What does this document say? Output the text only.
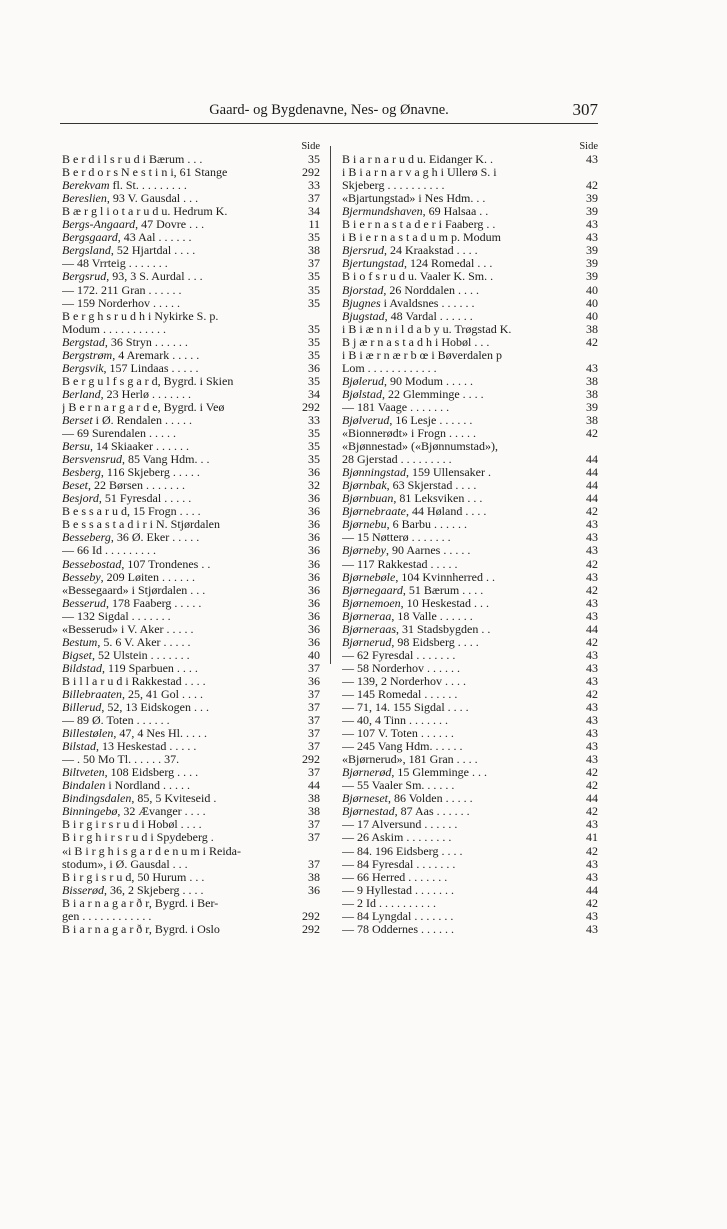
Gaard- og Bygdenavne, Nes- og Ønavne.	307
Side
B e r d i l s r u d i Bærum . . .	35
B e r d o r s N e s t i n i, 61 Stange	292
Berekvam fl. St. . . . . . . . .	33
Bereslien, 93 V. Gausdal . . .	37
B æ r g l i o t a r u d u. Hedrum K.	34
Bergs-Angaard, 47 Dovre . . .	11
Bergsgaard, 43 Aal . . . . . .	35
Bergsland, 52 Hjartdal . . . .	38
— 48 Vrrteig . . . . . . .	37
Bergsrud, 93, 3 S. Aurdal . . .	35
— 172. 211 Gran . . . . . .	35
— 159 Norderhov . . . . .	35
B e r g h s r u d h i Nykirke S. p.
Modum . . . . . . . . . . .	35
Bergstad, 36 Stryn . . . . . .	35
Bergstrøm, 4 Aremark . . . . .	35
Bergsvik, 157 Lindaas . . . . .	36
B e r g u l f s g a r d, Bygrd. i Skien	35
Berland, 23 Herlø . . . . . . .	34
j B e r n a r g a r d e, Bygrd. i Veø	292
Berset i Ø. Rendalen . . . . .	33
— 69 Surendalen . . . . .	35
Bersu, 14 Skiaaker . . . . . .	35
Bersvensrud, 85 Vang Hdm. . .	35
Besberg, 116 Skjeberg . . . . .	36
Beset, 22 Børsen . . . . . . .	32
Besjord, 51 Fyresdal . . . . .	36
B e s s a r u d, 15 Frogn . . . .	36
B e s s a s t a d i r i N. Stjørdalen	36
Besseberg, 36 Ø. Eker . . . . .	36
— 66 Id . . . . . . . . .	36
Bessebostad, 107 Trondenes . .	36
Besseby, 209 Løiten . . . . . .	36
«Bessegaard» i Stjørdalen . . .	36
Besserud, 178 Faaberg . . . . .	36
— 132 Sigdal . . . . . . .	36
«Besserud» i V. Aker . . . . .	36
Bestum, 5. 6 V. Aker . . . . .	36
Bigset, 52 Ulstein . . . . . . .	40
Bildstad, 119 Sparbuen . . . .	37
B i l l a r u d i Rakkestad . . . .	36
Billebraaten, 25, 41 Gol . . . .	37
Billerud, 52, 13 Eidskogen . . .	37
— 89 Ø. Toten . . . . . .	37
Billestølen, 47, 4 Nes Hl. . . . .	37
Bilstad, 13 Heskestad . . . . .	37
— . 50 Mo Tl. . . . . . 37.	292
Biltveten, 108 Eidsberg . . . .	37
Bindalen i Nordland . . . . .	44
Bindingsdalen, 85, 5 Kviteseid .	38
Binningebø, 32 Ævanger . . . .	38
B i r g i r s r u d i Hobøl . . . .	37
B i r g h i r s r u d i Spydeberg .	37
«i B i r g h i s g a r d e n u m i Reida-
stodum», i Ø. Gausdal . . .	37
B i r g i s r u d, 50 Hurum . . .	38
Bisserød, 36, 2 Skjeberg . . . .	36
B i a r n a g a r ð r, Bygrd. i Ber-
gen . . . . . . . . . . . .	292
B i a r n a g a r ð r, Bygrd. i Oslo	292
Side
B i a r n a r u d u. Eidanger K. .	43
i B i a r n a r v a g h i Ullerø S. i
Skjeberg . . . . . . . . . .	42
«Bjartungstad» i Nes Hdm. . .	39
Bjermundshaven, 69 Halsaa . .	39
B i e r n a s t a d e r i Faaberg . .	43
i B i e r n a s t a d u m p. Modum	43
Bjersrud, 24 Kraakstad . . . .	39
Bjertungstad, 124 Romedal . . .	39
B i o f s r u d u. Vaaler K. Sm. .	39
Bjorstad, 26 Norddalen . . . .	40
Bjugnes i Avaldsnes . . . . . .	40
Bjugstad, 48 Vardal . . . . . .	40
i B i æ n n i l d a b y u. Trøgstad K.	38
B j æ r n a s t a d h i Hobøl . . .	42
i B i æ r n æ r b œ i Bøverdalen p
Lom . . . . . . . . . . . .	43
Bjølerud, 90 Modum . . . . .	38
Bjølstad, 22 Glemminge . . . .	38
— 181 Vaage . . . . . . .	39
Bjølverud, 16 Lesje . . . . . .	38
«Bionnerødt» i Frogn . . . . .	42
«Bjønnestad» («Bjønnumstad»),
28 Gjerstad . . . . . . . . .	44
Bjønningstad, 159 Ullensaker .	44
Bjørnbak, 63 Skjerstad . . . .	44
Bjørnbuan, 81 Leksviken . . .	44
Bjørnebraate, 44 Høland . . . .	42
Bjørnebu, 6 Barbu . . . . . .	43
— 15 Nøtterø . . . . . . .	43
Bjørneby, 90 Aarnes . . . . .	43
— 117 Rakkestad . . . . .	42
Bjørnebøle, 104 Kvinnherred . .	43
Bjørnegaard, 51 Bærum . . . .	42
Bjørnemoen, 10 Heskestad . . .	43
Bjørneraa, 18 Valle . . . . . .	43
Bjørneraas, 31 Stadsbygden . .	44
Bjørnerud, 98 Eidsberg . . . .	42
— 62 Fyresdal . . . . . . .	43
— 58 Norderhov . . . . . .	43
— 139, 2 Norderhov . . . .	43
— 145 Romedal . . . . . .	42
— 71, 14. 155 Sigdal . . . .	43
— 40, 4 Tinn . . . . . . .	43
— 107 V. Toten . . . . . .	43
— 245 Vang Hdm. . . . . .	43
«Bjørnerud», 181 Gran . . . .	43
Bjørnerød, 15 Glemminge . . .	42
— 55 Vaaler Sm. . . . . .	42
Bjørneset, 86 Volden . . . . .	44
Bjørnestad, 87 Aas . . . . . .	42
— 17 Alversund . . . . . .	43
— 26 Askim . . . . . . . .	41
— 84. 196 Eidsberg . . . .	42
— 84 Fyresdal . . . . . . .	43
— 66 Herred . . . . . . .	43
— 9 Hyllestad . . . . . . .	44
— 2 Id . . . . . . . . . .	42
— 84 Lyngdal . . . . . . .	43
— 78 Oddernes . . . . . .	43
